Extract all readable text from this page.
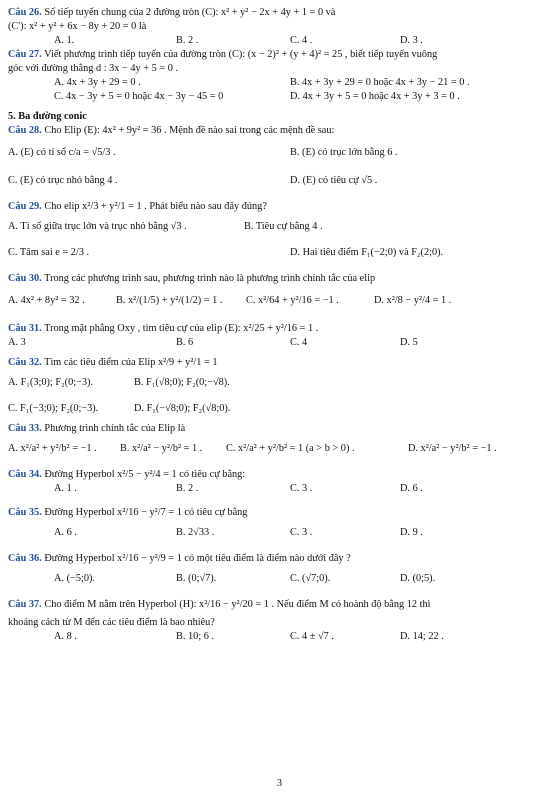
Câu 26. Số tiếp tuyến chung của 2 đường tròn (C): x² + y² − 2x + 4y + 1 = 0 và

(C'): x² + y² + 6x − 8y + 20 = 0 là

A. 1.	B. 2 .	C. 4 .	D. 3 .

Câu 27. Viết phương trình tiếp tuyến của đường tròn (C): (x − 2)² + (y + 4)² = 25 , biết tiếp tuyến vuông

góc với đường thẳng d : 3x − 4y + 5 = 0 .

A. 4x + 3y + 29 = 0 .	B. 4x + 3y + 29 = 0 hoặc 4x + 3y − 21 = 0 .
C. 4x − 3y + 5 = 0 hoặc 4x − 3y − 45 = 0	D. 4x + 3y + 5 = 0 hoặc 4x + 3y + 3 = 0 .

5. Ba đường conic

Câu 28. Cho Elip (E): 4x² + 9y² = 36 . Mệnh đề nào sai trong các mệnh đề sau:

A. (E) có tỉ số c/a = √5/3 .	B. (E) có trục lớn bằng 6 .
C. (E) có trục nhỏ bằng 4 .	D. (E) có tiêu cự √5 .

Câu 29. Cho elip x²/3 + y²/1 = 1 . Phát biểu nào sau đây đúng?

A. Tỉ số giữa trục lớn và trục nhỏ bằng √3 .	B. Tiêu cự bằng 4 .
C. Tâm sai e = 2/3 .	D. Hai tiêu điểm F₁(−2;0) và F₂(2;0).

Câu 30. Trong các phương trình sau, phương trình nào là phương trình chính tắc của elip

A. 4x² + 8y² = 32 .	B. x²/(1/5) + y²/(1/2) = 1 . C. x²/64 + y²/16 = −1 .	D. x²/8 − y²/4 = 1 .

Câu 31. Trong mặt phẳng Oxy , tìm tiêu cự của elip (E): x²/25 + y²/16 = 1 .

A. 3	B. 6	C. 4	D. 5

Câu 32. Tìm các tiêu điểm của Elip x²/9 + y²/1 = 1

A. F₁(3;0); F₂(0;−3).	B. F₁(√8;0); F₂(0;−√8).
C. F₁(−3;0); F₂(0;−3).	D. F₁(−√8;0); F₂(√8;0).

Câu 33. Phương trình chính tắc của Elip là

A. x²/a² + y²/b² = −1 . B. x²/a² − y²/b² = 1 . C. x²/a² + y²/b² = 1 (a > b > 0) .	D. x²/a² − y²/b² = −1 .

Câu 34. Đường Hyperbol x²/5 − y²/4 = 1 có tiêu cự bằng:

A. 1 .	B. 2 .	C. 3 .	D. 6 .

Câu 35. Đường Hyperbol x²/16 − y²/7 = 1 có tiêu cự bằng

A. 6 .	B. 2√33 .	C. 3 .	D. 9 .

Câu 36. Đường Hyperbol x²/16 − y²/9 = 1 có một tiêu điểm là điểm nào dưới đây ?

A. (−5;0).	B. (0;√7).	C. (√7;0).	D. (0;5).

Câu 37. Cho điểm M nằm trên Hyperbol (H): x²/16 − y²/20 = 1 . Nếu điểm M có hoành độ bằng 12 thì

khoảng cách từ M đến các tiêu điểm là bao nhiêu?

A. 8 .	B. 10; 6 .	C. 4 ± √7 .	D. 14; 22 .
3
